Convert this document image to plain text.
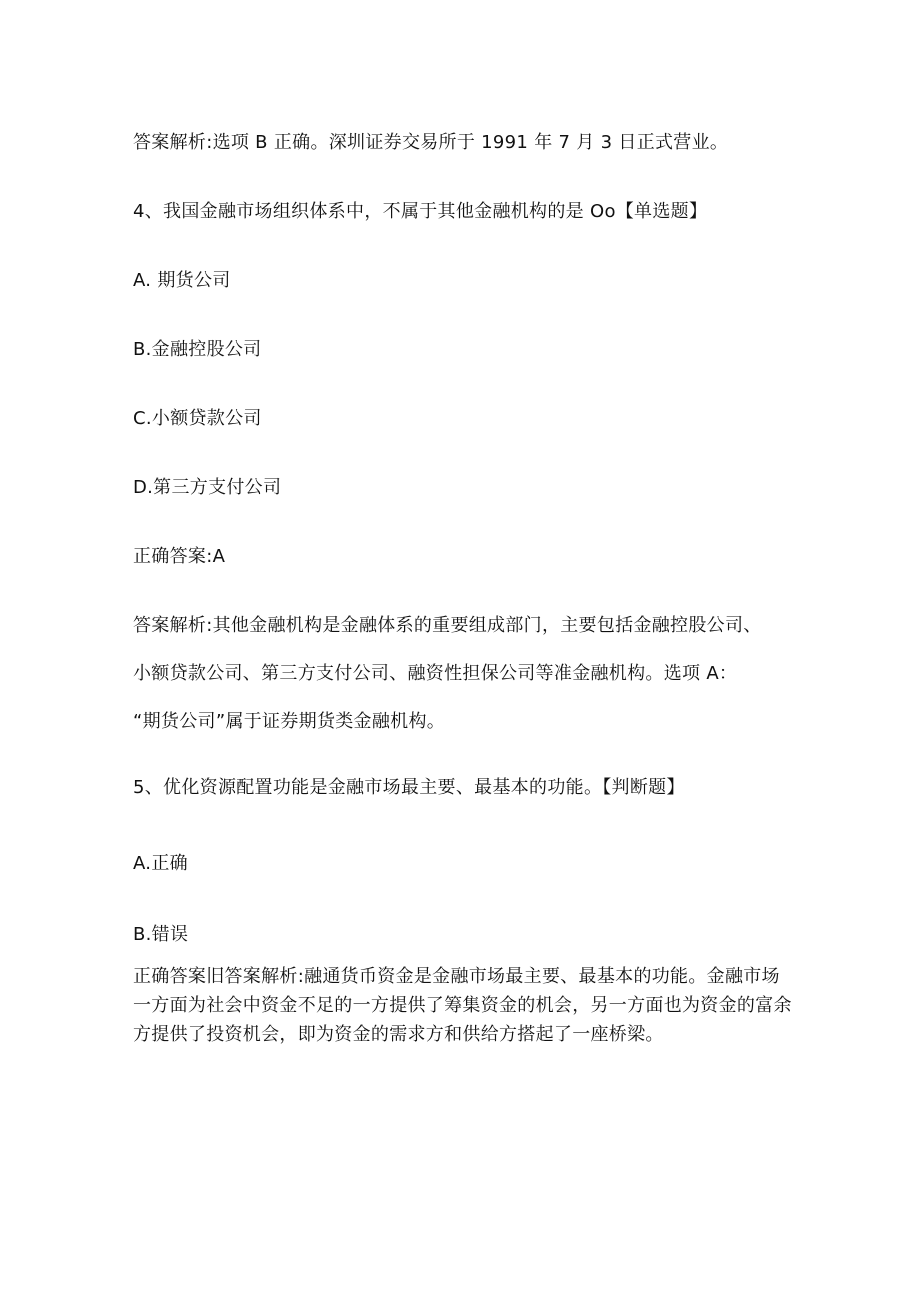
答案解析:选项 B 正确。深圳证券交易所于 1991 年 7 月 3 日正式营业。

4、我国金融市场组织体系中，不属于其他金融机构的是 Oo【单选题】

A. 期货公司

B.金融控股公司

C.小额贷款公司

D.第三方支付公司

正确答案:A

答案解析:其他金融机构是金融体系的重要组成部门，主要包括金融控股公司、

小额贷款公司、第三方支付公司、融资性担保公司等准金融机构。选项 A：

“期货公司”属于证券期货类金融机构。

5、优化资源配置功能是金融市场最主要、最基本的功能。【判断题】

A.正确

B.错误

正确答案旧答案解析:融通货币资金是金融市场最主要、最基本的功能。金融市场一方面为社会中资金不足的一方提供了筹集资金的机会，另一方面也为资金的富余方提供了投资机会，即为资金的需求方和供给方搭起了一座桥梁。
